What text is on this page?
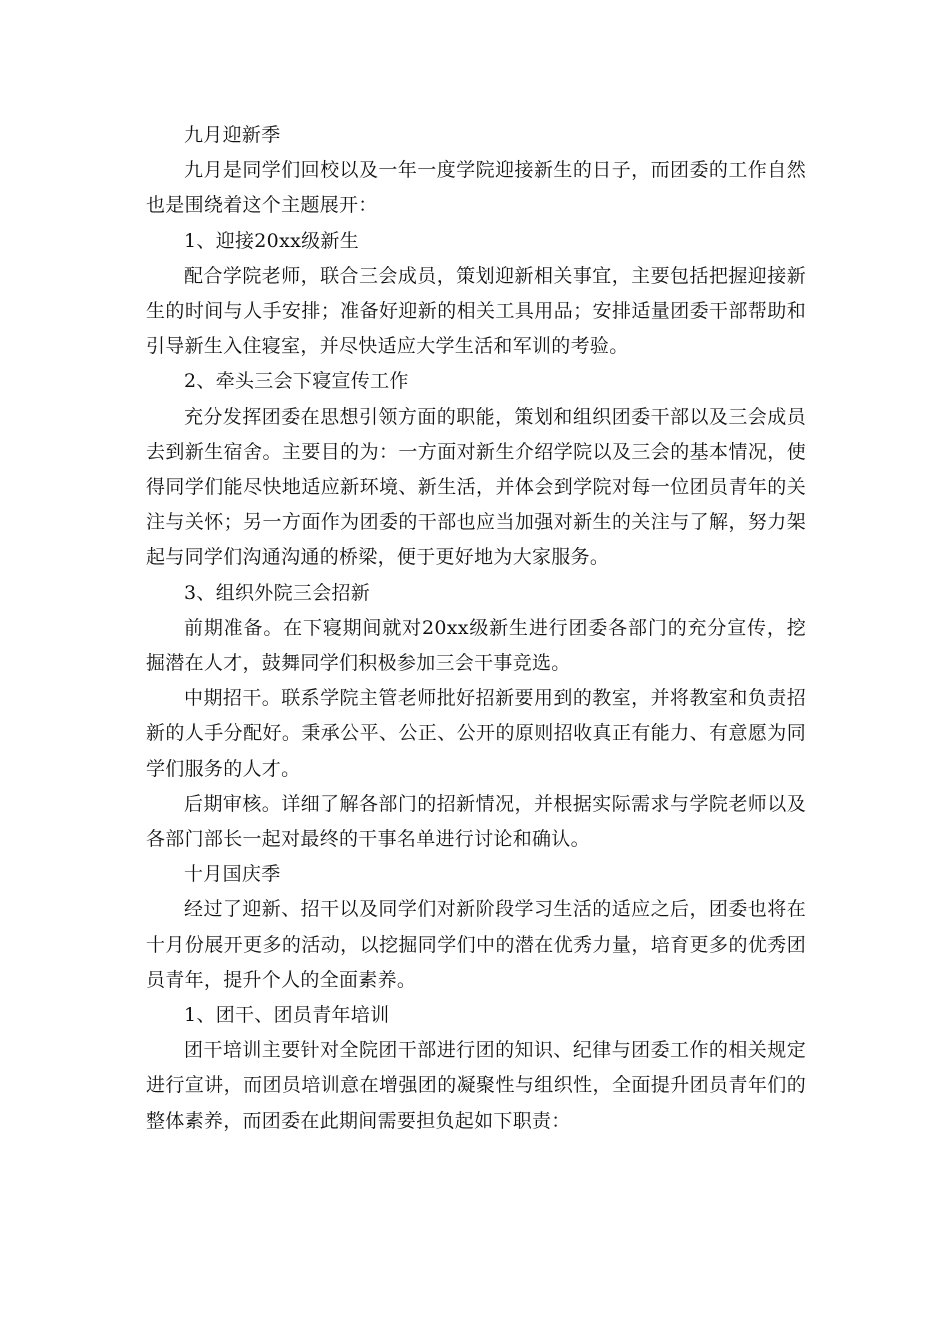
九月迎新季

九月是同学们回校以及一年一度学院迎接新生的日子，而团委的工作自然也是围绕着这个主题展开：

1、迎接20xx级新生

配合学院老师，联合三会成员，策划迎新相关事宜，主要包括把握迎接新生的时间与人手安排；准备好迎新的相关工具用品；安排适量团委干部帮助和引导新生入住寝室，并尽快适应大学生活和军训的考验。

2、牵头三会下寝宣传工作

充分发挥团委在思想引领方面的职能，策划和组织团委干部以及三会成员去到新生宿舍。主要目的为：一方面对新生介绍学院以及三会的基本情况，使得同学们能尽快地适应新环境、新生活，并体会到学院对每一位团员青年的关注与关怀；另一方面作为团委的干部也应当加强对新生的关注与了解，努力架起与同学们沟通沟通的桥梁，便于更好地为大家服务。

3、组织外院三会招新

前期准备。在下寝期间就对20xx级新生进行团委各部门的充分宣传，挖掘潜在人才，鼓舞同学们积极参加三会干事竞选。

中期招干。联系学院主管老师批好招新要用到的教室，并将教室和负责招新的人手分配好。秉承公平、公正、公开的原则招收真正有能力、有意愿为同学们服务的人才。

后期审核。详细了解各部门的招新情况，并根据实际需求与学院老师以及各部门部长一起对最终的干事名单进行讨论和确认。

十月国庆季

经过了迎新、招干以及同学们对新阶段学习生活的适应之后，团委也将在十月份展开更多的活动，以挖掘同学们中的潜在优秀力量，培育更多的优秀团员青年，提升个人的全面素养。

1、团干、团员青年培训

团干培训主要针对全院团干部进行团的知识、纪律与团委工作的相关规定进行宣讲，而团员培训意在增强团的凝聚性与组织性，全面提升团员青年们的整体素养，而团委在此期间需要担负起如下职责：
